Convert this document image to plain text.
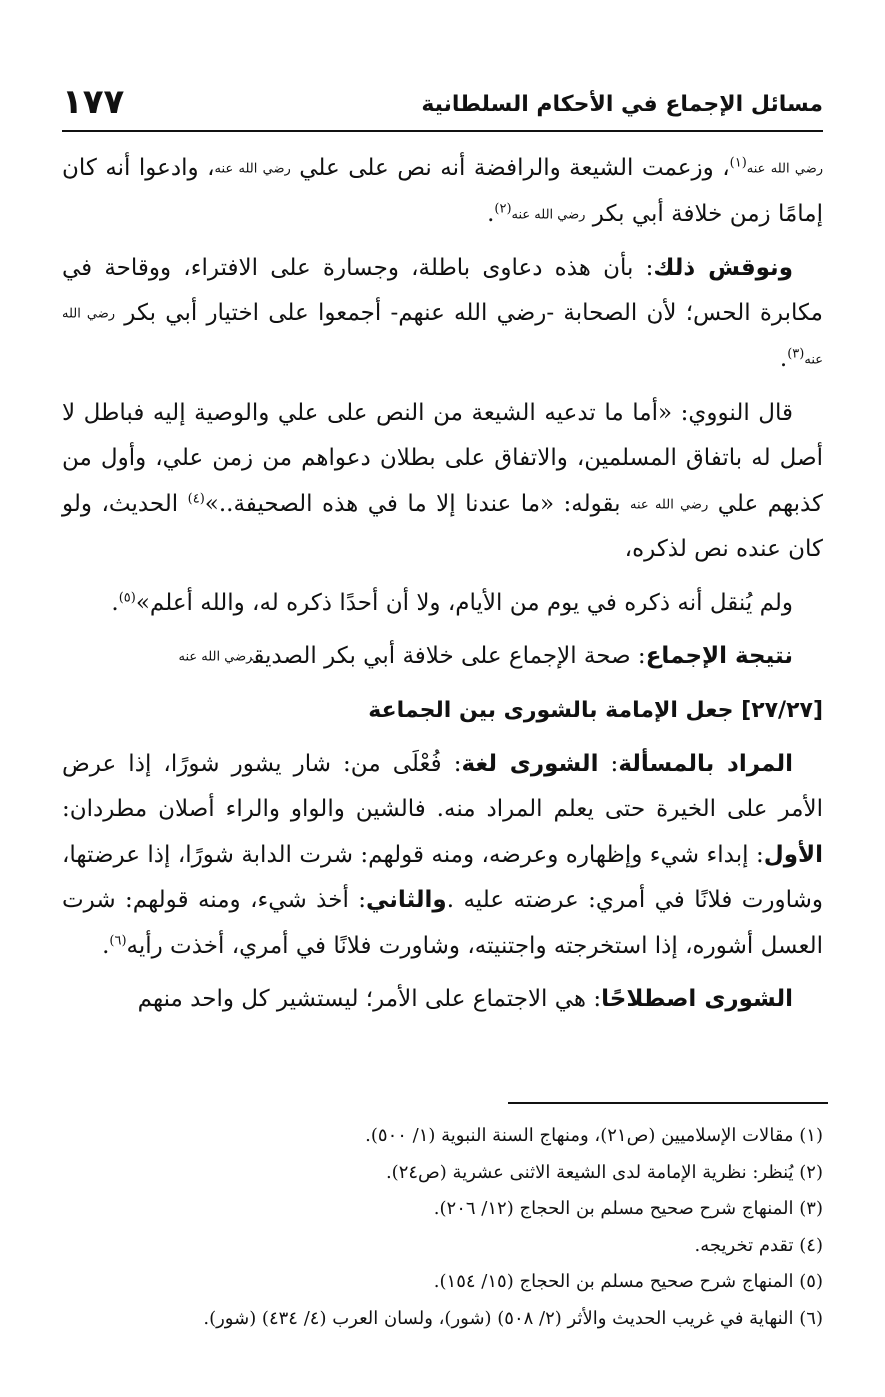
١٧٧	مسائل الإجماع في الأحكام السلطانية

رضي الله عنه$^{(١)}$، وزعمت الشيعة والرافضة أنه نص على علي رضي الله عنه، وادعوا أنه كان إمامًا زمن خلافة أبي بكر رضي الله عنه$^{(٢)}$.

ونوقش ذلك: بأن هذه دعاوى باطلة، وجسارة على الافتراء، ووقاحة في مكابرة الحس؛ لأن الصحابة -رضي الله عنهم- أجمعوا على اختيار أبي بكر رضي الله عنه$^{(٣)}$.

قال النووي: «أما ما تدعيه الشيعة من النص على علي والوصية إليه فباطل لا أصل له باتفاق المسلمين، والاتفاق على بطلان دعواهم من زمن علي، وأول من كذبهم علي رضي الله عنه بقوله: «ما عندنا إلا ما في هذه الصحيفة..»$^{(٤)}$ الحديث، ولو كان عنده نص لذكره،

ولم يُنقل أنه ذكره في يوم من الأيام، ولا أن أحدًا ذكره له، والله أعلم»$^{(٥)}$.

نتيجة الإجماع: صحة الإجماع على خلافة أبي بكر الصديقرضي الله عنه

[٢٧/٢٧] جعل الإمامة بالشورى بين الجماعة

المراد بالمسألة: الشورى لغة: فُعْلَى من: شار يشور شورًا، إذا عرض الأمر على الخيرة حتى يعلم المراد منه. فالشين والواو والراء أصلان مطردان: الأول: إبداء شيء وإظهاره وعرضه، ومنه قولهم: شرت الدابة شورًا، إذا عرضتها، وشاورت فلانًا في أمري: عرضته عليه .والثاني: أخذ شيء، ومنه قولهم: شرت العسل أشوره، إذا استخرجته واجتنيته، وشاورت فلانًا في أمري، أخذت رأيه$^{(٦)}$.

الشورى اصطلاحًا: هي الاجتماع على الأمر؛ ليستشير كل واحد منهم

(١) مقالات الإسلاميين (ص٢١)، ومنهاج السنة النبوية (١/ ٥٠٠).
(٢) يُنظر: نظرية الإمامة لدى الشيعة الاثنى عشرية (ص٢٤).
(٣) المنهاج شرح صحيح مسلم بن الحجاج (١٢/ ٢٠٦).
(٤) تقدم تخريجه.
(٥) المنهاج شرح صحيح مسلم بن الحجاج (١٥/ ١٥٤).
(٦) النهاية في غريب الحديث والأثر (٢/ ٥٠٨) (شور)، ولسان العرب (٤/ ٤٣٤) (شور).
